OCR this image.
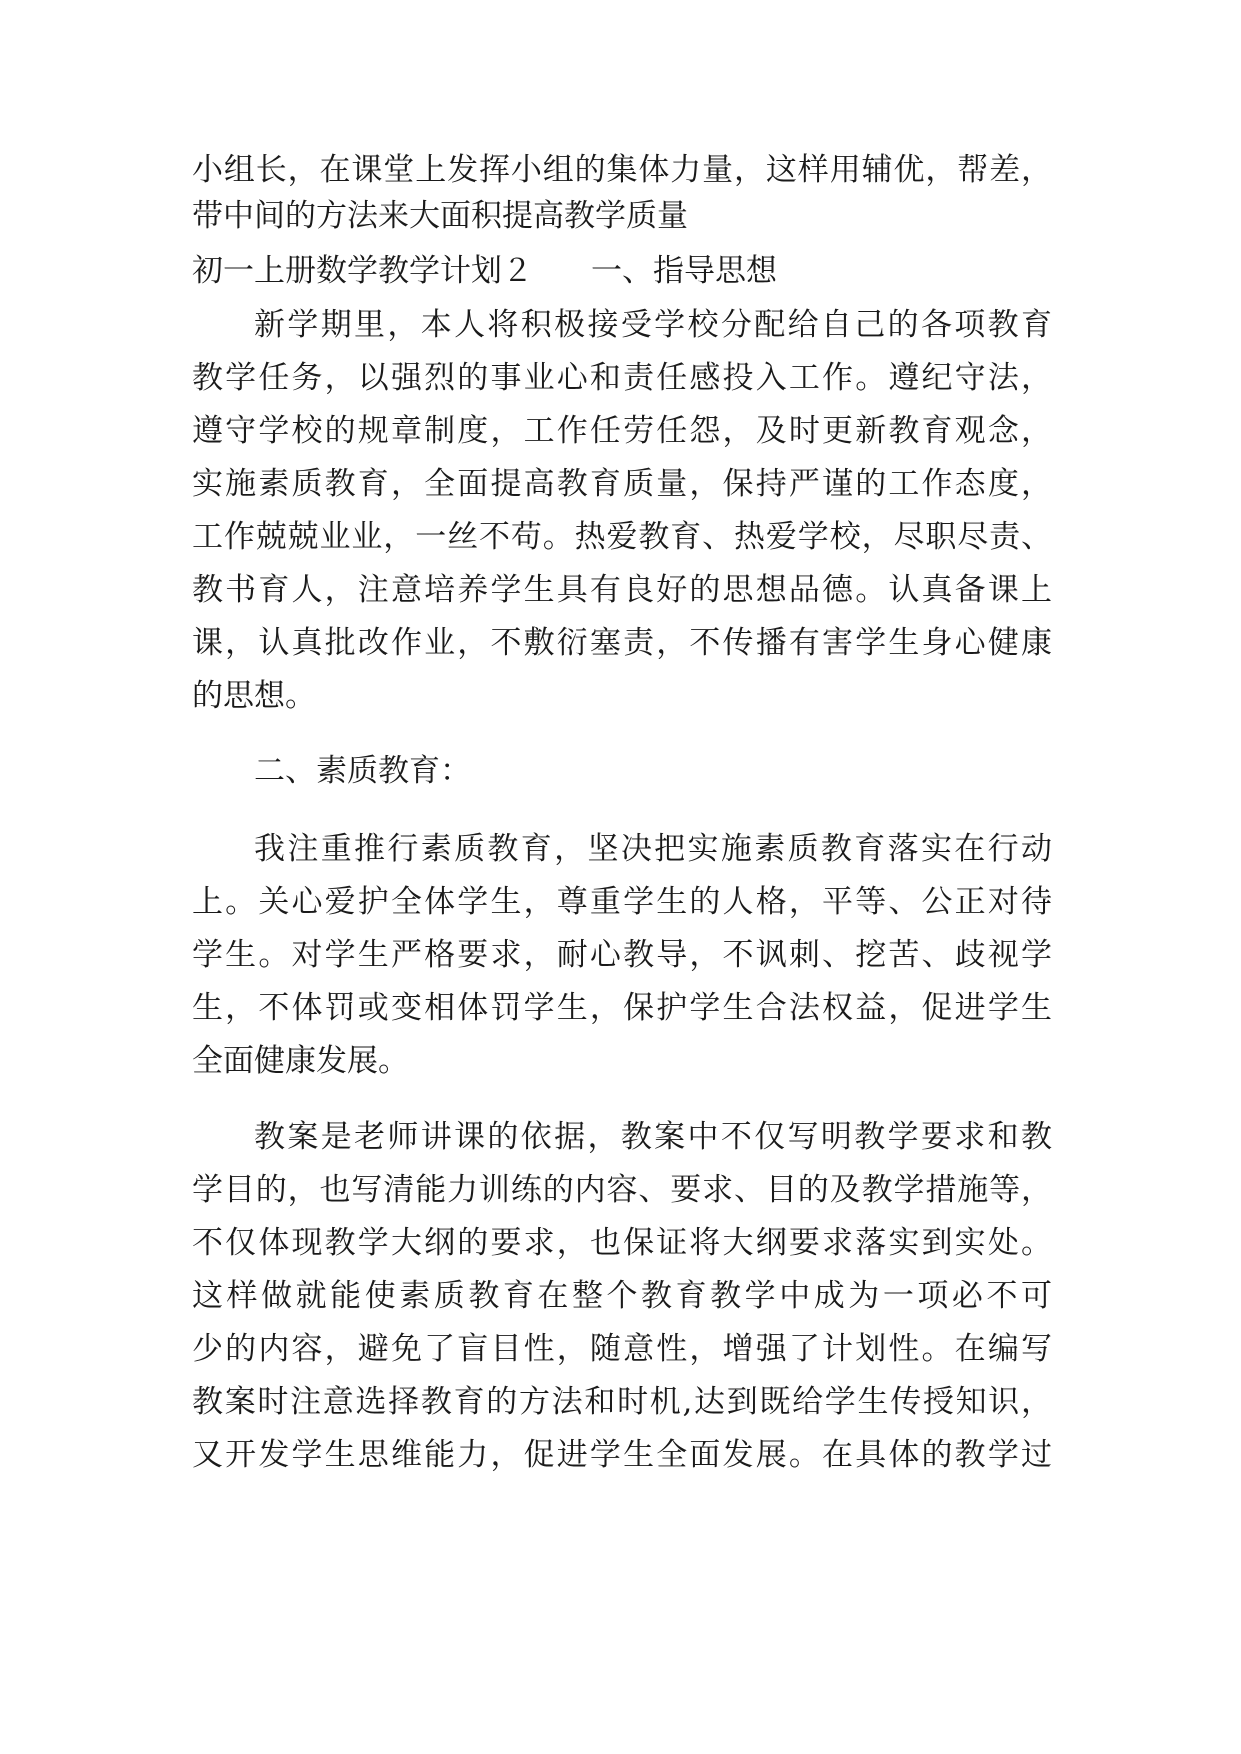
小组长，在课堂上发挥小组的集体力量，这样用辅优，帮差，
带中间的方法来大面积提高教学质量
初一上册数学教学计划２ 一、指导思想
新学期里，本人将积极接受学校分配给自己的各项教育
教学任务，以强烈的事业心和责任感投入工作。遵纪守法，
遵守学校的规章制度，工作任劳任怨，及时更新教育观念，
实施素质教育，全面提高教育质量，保持严谨的工作态度，
工作兢兢业业，一丝不苟。热爱教育、热爱学校，尽职尽责、
教书育人，注意培养学生具有良好的思想品德。认真备课上
课，认真批改作业，不敷衍塞责，不传播有害学生身心健康
的思想。
二、素质教育：
我注重推行素质教育，坚决把实施素质教育落实在行动
上。关心爱护全体学生，尊重学生的人格，平等、公正对待
学生。对学生严格要求，耐心教导，不讽刺、挖苦、歧视学
生，不体罚或变相体罚学生，保护学生合法权益，促进学生
全面健康发展。
教案是老师讲课的依据，教案中不仅写明教学要求和教
学目的，也写清能力训练的内容、要求、目的及教学措施等，
不仅体现教学大纲的要求，也保证将大纲要求落实到实处。
这样做就能使素质教育在整个教育教学中成为一项必不可
少的内容，避免了盲目性，随意性，增强了计划性。在编写
教案时注意选择教育的方法和时机,达到既给学生传授知识，
又开发学生思维能力，促进学生全面发展。在具体的教学过
